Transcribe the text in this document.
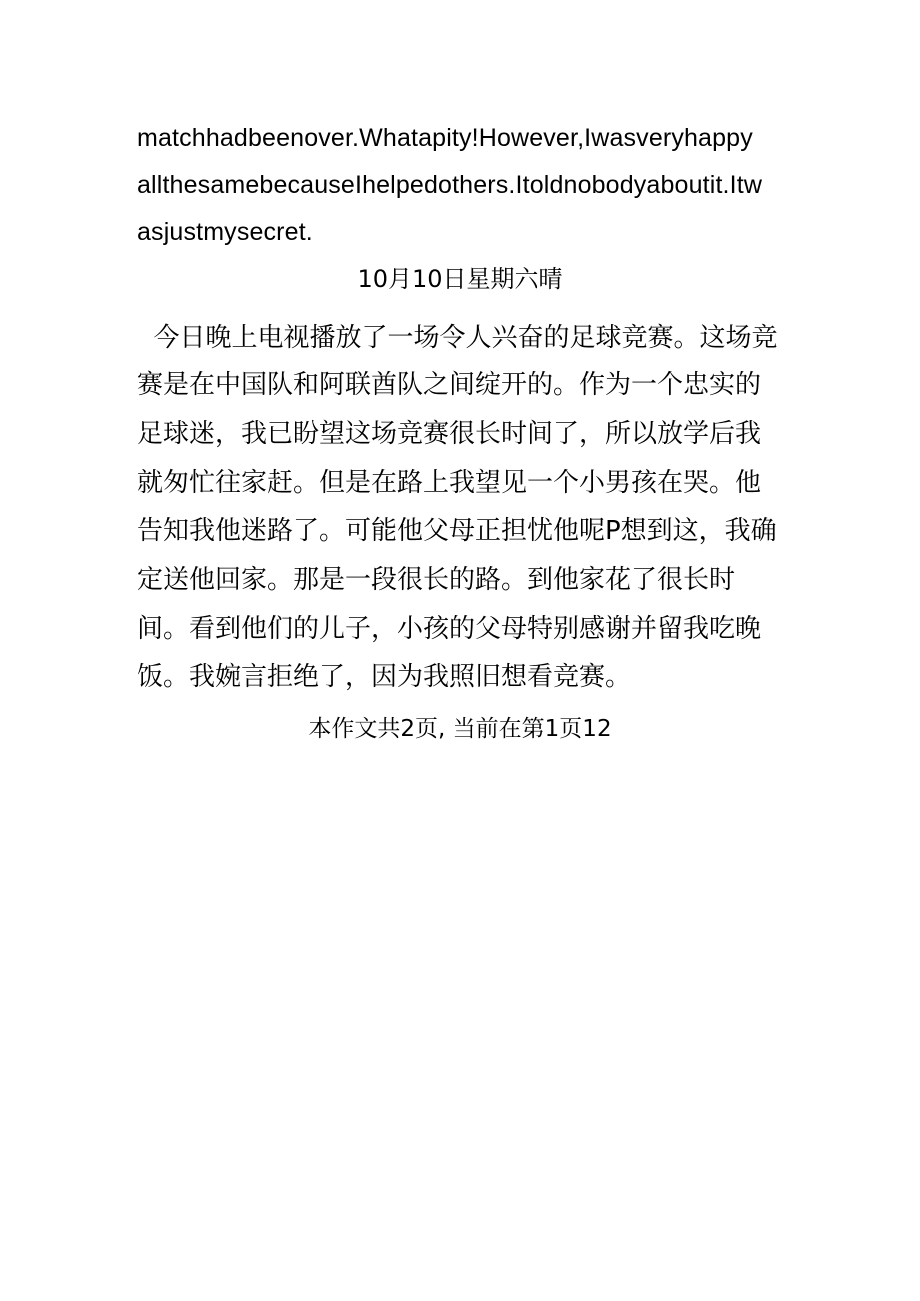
matchhadbeenover.Whatapity!However,Iwasveryhappy
allthesamebecauseIhelpedothers.Itoldnobodyaboutit.Itw
asjustmysecret.
10月10日星期六晴
今日晚上电视播放了一场令人兴奋的足球竞赛。这场竞
赛是在中国队和阿联酋队之间绽开的。作为一个忠实的
足球迷，我已盼望这场竞赛很长时间了，所以放学后我
就匆忙往家赶。但是在路上我望见一个小男孩在哭。他
告知我他迷路了。可能他父母正担忧他呢P想到这，我确
定送他回家。那是一段很长的路。到他家花了很长时
间。看到他们的儿子，小孩的父母特别感谢并留我吃晚
饭。我婉言拒绝了，因为我照旧想看竞赛。
本作文共2页, 当前在第1页12
